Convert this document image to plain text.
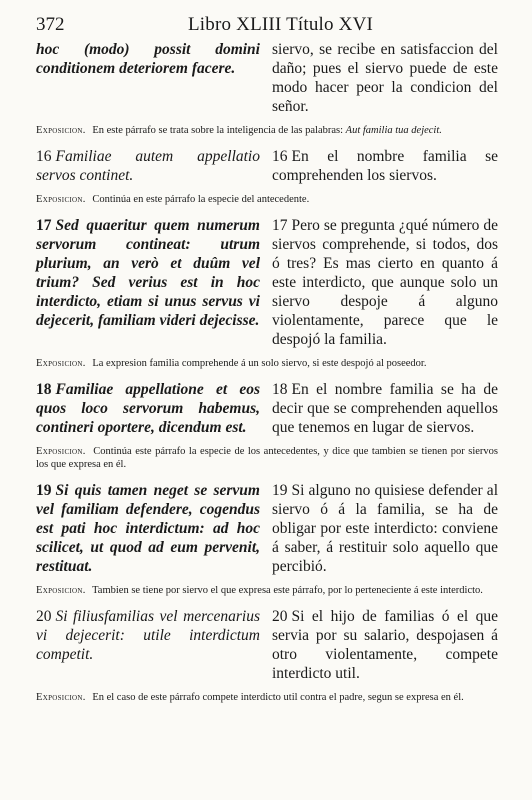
372	Libro XLIII Título XVI
hoc (modo) possit domini conditionem deteriorem facere.
siervo, se recibe en satisfaccion del daño; pues el siervo puede de este modo hacer peor la condicion del señor.
Exposicion. En este párrafo se trata sobre la inteligencia de las palabras: Aut familia tua dejecit.
16 Familiae autem appellatio servos continet.
16 En el nombre familia se comprehenden los siervos.
Exposicion. Continúa en este párrafo la especie del antecedente.
17 Sed quaeritur quem numerum servorum contineat: utrum plurium, an verò et duûm vel trium? Sed verius est in hoc interdicto, etiam si unus servus vi dejecerit, familiam videri dejecisse.
17 Pero se pregunta ¿qué número de siervos comprehende, si todos, dos ó tres? Es mas cierto en quanto á este interdicto, que aunque solo un siervo despoje á alguno violentamente, parece que le despojó la familia.
Exposicion. La expresion familia comprehende á un solo siervo, si este despojó al poseedor.
18 Familiae appellatione et eos quos loco servorum habemus, contineri oportere, dicendum est.
18 En el nombre familia se ha de decir que se comprehenden aquellos que tenemos en lugar de siervos.
Exposicion. Continúa este párrafo la especie de los antecedentes, y dice que tambien se tienen por siervos los que expresa en él.
19 Si quis tamen neget se servum vel familiam defendere, cogendus est pati hoc interdictum: ad hoc scilicet, ut quod ad eum pervenit, restituat.
19 Si alguno no quisiese defender al siervo ó á la familia, se ha de obligar por este interdicto: conviene á saber, á restituir solo aquello que percibió.
Exposicion. Tambien se tiene por siervo el que expresa este párrafo, por lo perteneciente á este interdicto.
20 Si filiusfamilias vel mercenarius vi dejecerit: utile interdictum competit.
20 Si el hijo de familias ó el que servia por su salario, despojasen á otro violentamente, compete interdicto util.
Exposicion. En el caso de este párrafo compete interdicto util contra el padre, segun se expresa en él.
